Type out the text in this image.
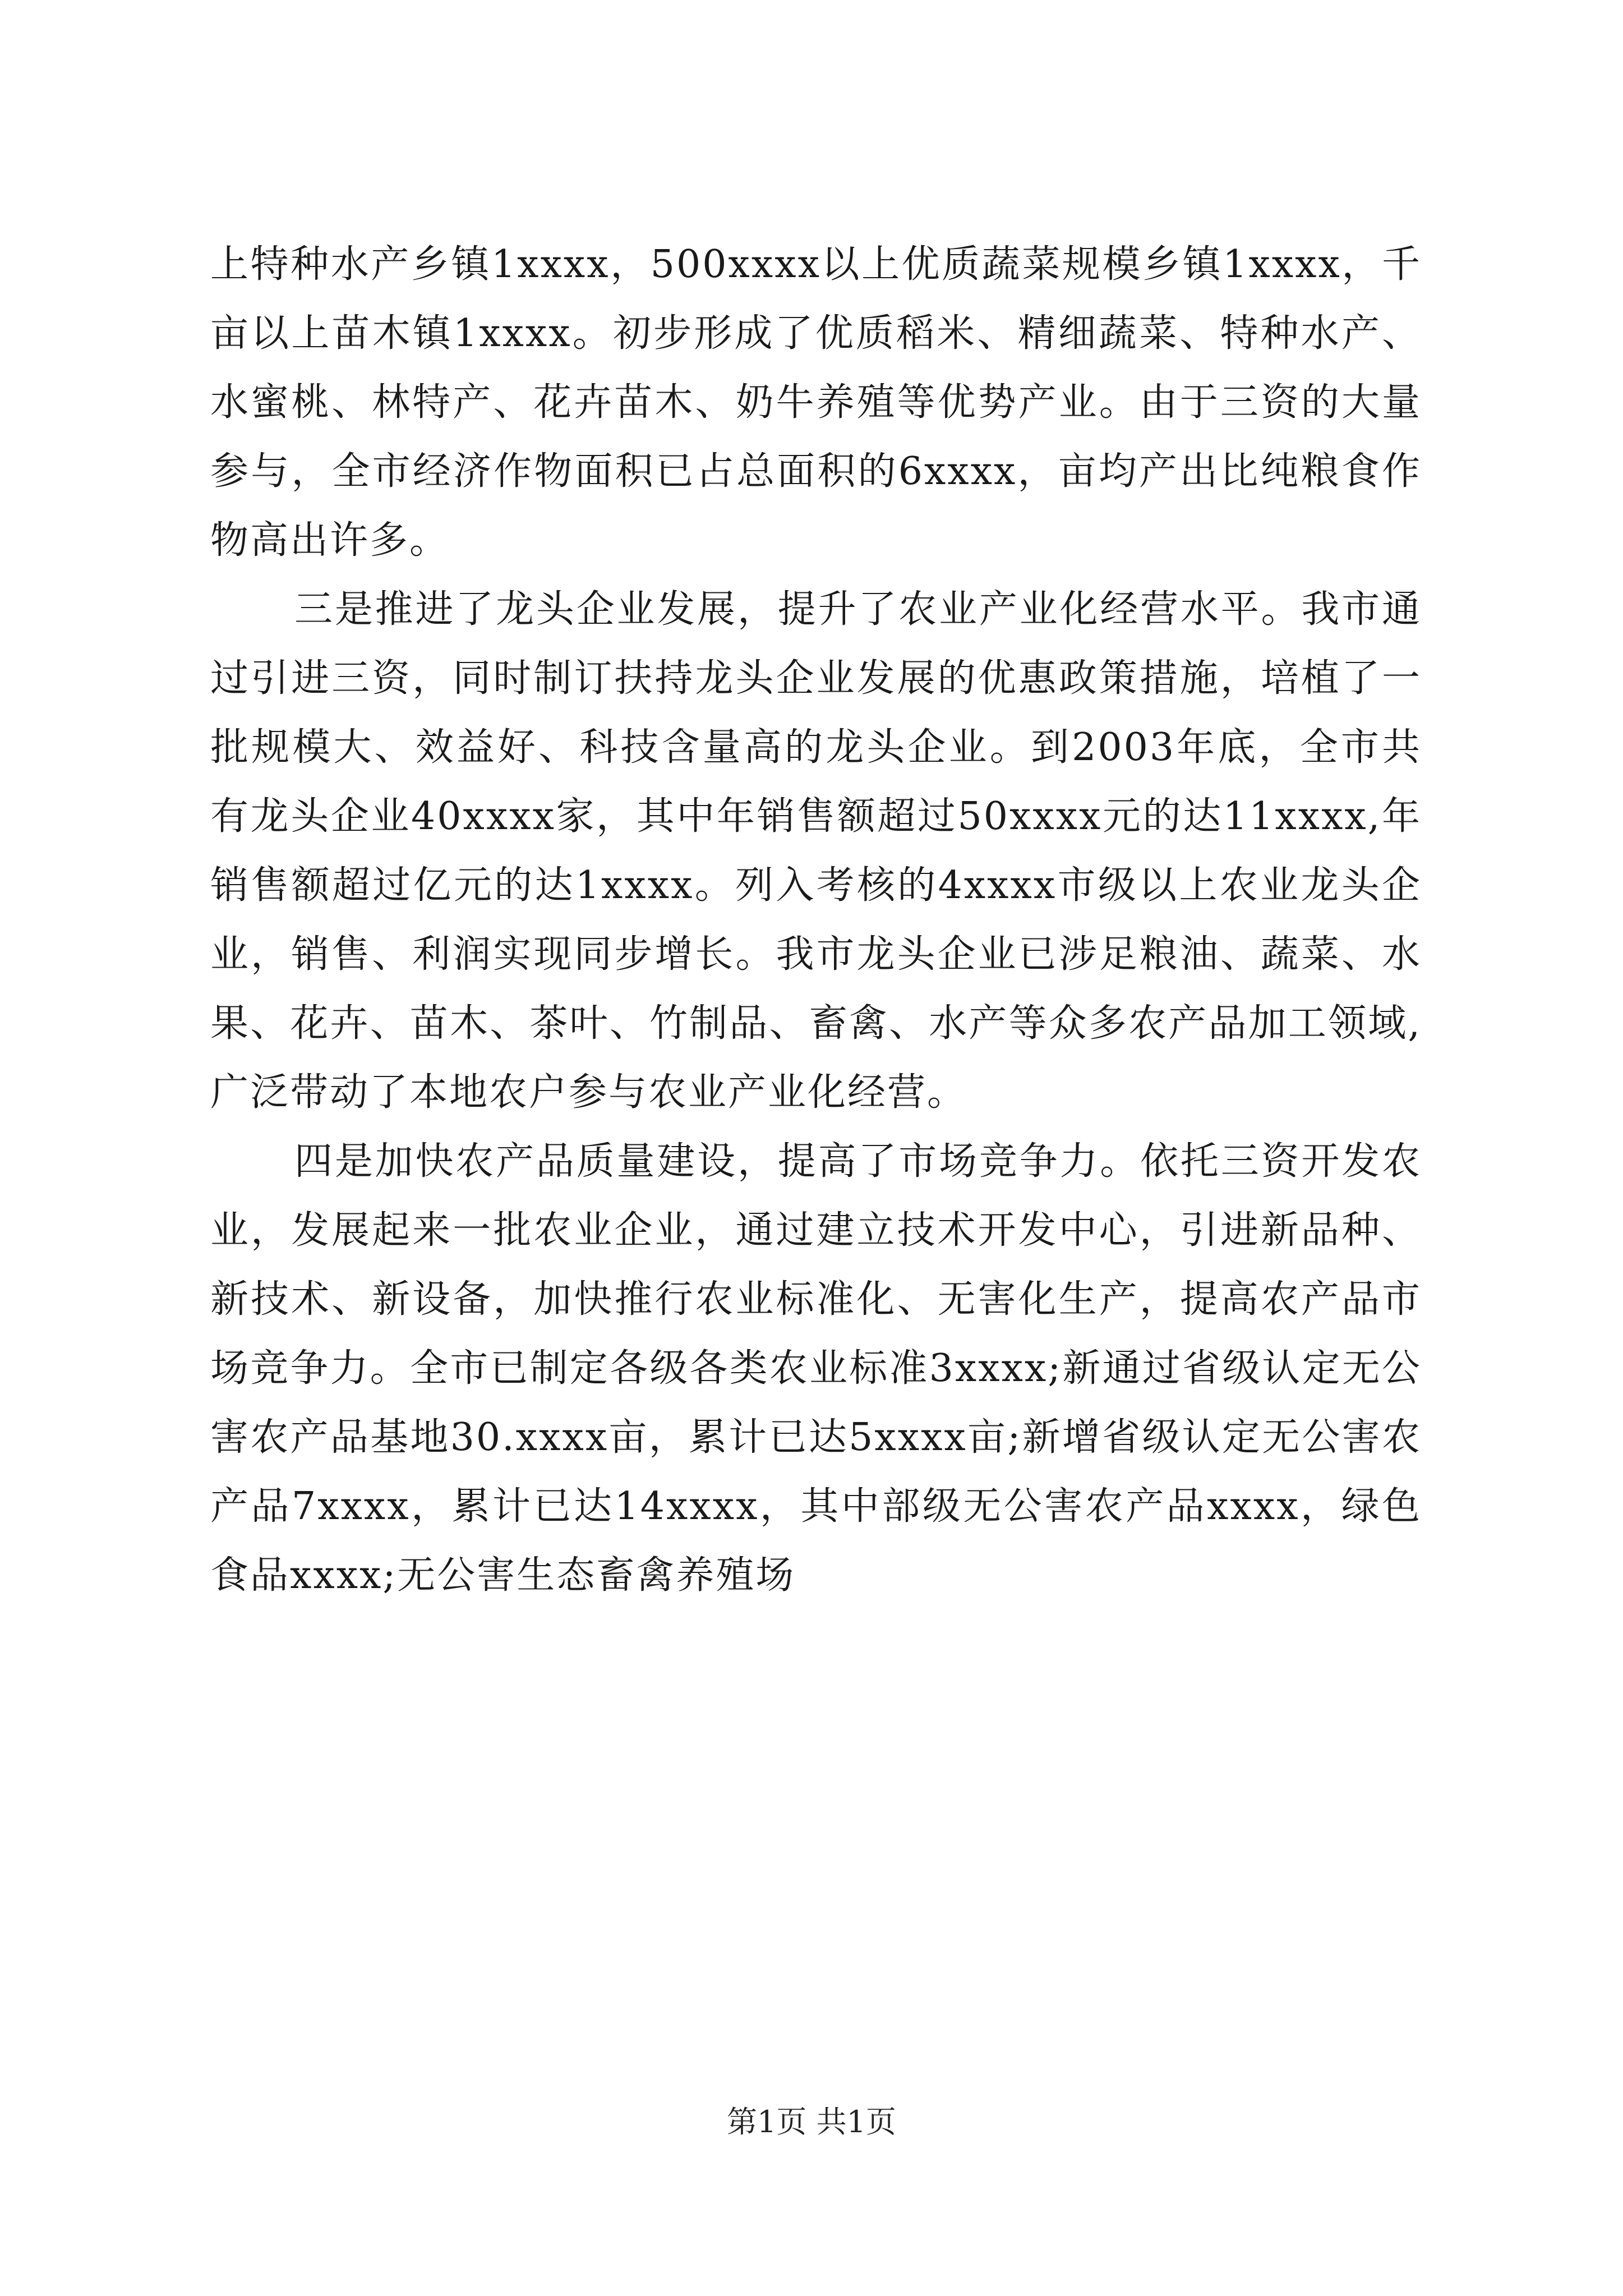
上特种水产乡镇1xxxx，500xxxx以上优质蔬菜规模乡镇1xxxx，千亩以上苗木镇1xxxx。初步形成了优质稻米、精细蔬菜、特种水产、水蜜桃、林特产、花卉苗木、奶牛养殖等优势产业。由于三资的大量参与，全市经济作物面积已占总面积的6xxxx，亩均产出比纯粮食作物高出许多。

三是推进了龙头企业发展，提升了农业产业化经营水平。我市通过引进三资，同时制订扶持龙头企业发展的优惠政策措施，培植了一批规模大、效益好、科技含量高的龙头企业。到2003年底，全市共有龙头企业40xxxx家，其中年销售额超过50xxxx元的达11xxxx,年销售额超过亿元的达1xxxx。列入考核的4xxxx市级以上农业龙头企业，销售、利润实现同步增长。我市龙头企业已涉足粮油、蔬菜、水果、花卉、苗木、茶叶、竹制品、畜禽、水产等众多农产品加工领域,广泛带动了本地农户参与农业产业化经营。

四是加快农产品质量建设，提高了市场竞争力。依托三资开发农业，发展起来一批农业企业，通过建立技术开发中心，引进新品种、新技术、新设备，加快推行农业标准化、无害化生产，提高农产品市场竞争力。全市已制定各级各类农业标准3xxxx;新通过省级认定无公害农产品基地30.xxxx亩，累计已达5xxxx亩;新增省级认定无公害农产品7xxxx，累计已达14xxxx，其中部级无公害农产品xxxx，绿色食品xxxx;无公害生态畜禽养殖场

第1页 共1页
